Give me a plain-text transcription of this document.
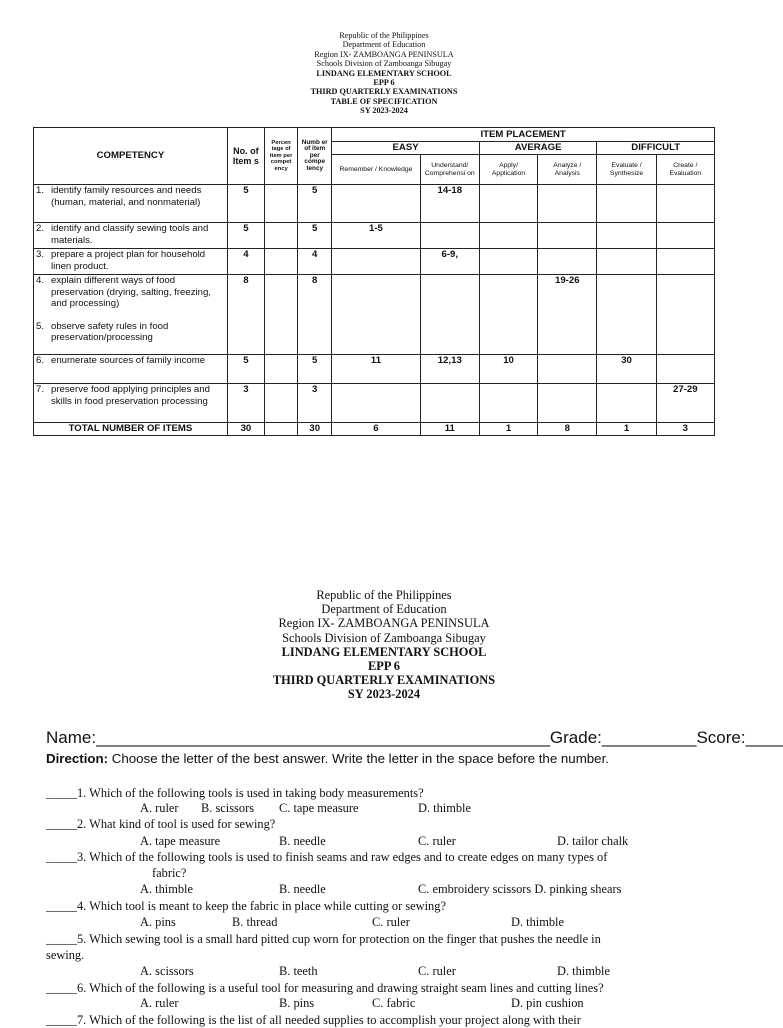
Republic of the Philippines
Department of Education
Region IX- ZAMBOANGA PENINSULA
Schools Division of Zamboanga Sibugay
LINDANG ELEMENTARY SCHOOL
EPP 6
THIRD QUARTERLY EXAMINATIONS
TABLE OF SPECIFICATION
SY 2023-2024
COMPETENCY	No. of Item s	Percen tage of item per compet ency	Numb er of item per compe tency	ITEM PLACEMENT					
				EASY		AVERAGE		DIFFICULT	
				Remember / Knowledge	Understand/ Comprehensi on	Apply/ Application	Analyze / Analysis	Evaluate / Synthesize	Create / Evaluation

1. identify family resources and needs (human, material, and nonmaterial)	5		5		14-18				

2. identify and classify sewing tools and materials.	5		5	1-5					

3. prepare a project plan for household linen product.	4		4		6-9,				

4. explain different ways of food preservation (drying, salting, freezing, and processing)
5. observe safety rules in food preservation/processing	8		8				19-26		

6. enumerate sources of family income	5		5	11	12,13	10		30	

7. preserve food applying principles and skills in food preservation processing	3		3						27-29
TOTAL NUMBER OF ITEMS	30		30	6	11	1	8	1	3
Republic of the Philippines
Department of Education
Region IX- ZAMBOANGA PENINSULA
Schools Division of Zamboanga Sibugay
LINDANG ELEMENTARY SCHOOL
EPP 6
THIRD QUARTERLY EXAMINATIONS
SY 2023-2024
Name:________________________________________________Grade:__________Score:____
Direction: Choose the letter of the best answer. Write the letter in the space before the number.
_____1. Which of the following tools is used in taking body measurements?
A. ruler B. scissors C. tape measure	D. thimble
_____2. What kind of tool is used for sewing?
A. tape measure	B. needle	C. ruler	D. tailor chalk
_____3. Which of the following tools is used to finish seams and raw edges and to create edges on many types of
fabric?
A. thimble	B. needle	C. embroidery scissors D. pinking shears
_____4. Which tool is meant to keep the fabric in place while cutting or sewing?
A. pins	B. thread	C. ruler	D. thimble
_____5. Which sewing tool is a small hard pitted cup worn for protection on the finger that pushes the needle in
sewing.
A. scissors	B. teeth	C. ruler	D. thimble
_____6. Which of the following is a useful tool for measuring and drawing straight seam lines and cutting lines?
A. ruler	B. pins	C. fabric	D. pin cushion
_____7. Which of the following is the list of all needed supplies to accomplish your project along with their
